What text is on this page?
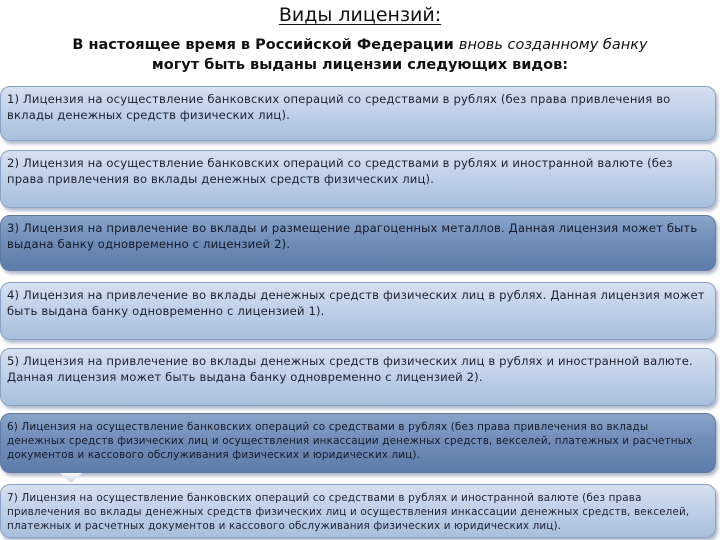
Виды лицензий:
В настоящее время в Российской Федерации вновь созданному банку
могут быть выданы лицензии следующих видов:
1) Лицензия на осуществление банковских операций со средствами в рублях (без права привлечения во вклады денежных средств физических лиц).
2) Лицензия на осуществление банковских операций со средствами в рублях и иностранной валюте (без права привлечения во вклады денежных средств физических лиц).
3) Лицензия на привлечение во вклады и размещение драгоценных металлов. Данная лицензия может быть выдана банку одновременно с лицензией 2).
4) Лицензия на привлечение во вклады денежных средств физических лиц в рублях. Данная лицензия может быть выдана банку одновременно с лицензией 1).
5) Лицензия на привлечение во вклады денежных средств физических лиц в рублях и иностранной валюте. Данная лицензия может быть выдана банку одновременно с лицензией 2).
6) Лицензия на осуществление банковских операций со средствами в рублях (без права привлечения во вклады денежных средств физических лиц и осуществления инкассации денежных средств, векселей, платежных и расчетных документов и кассового обслуживания физических и юридических лиц).
7) Лицензия на осуществление банковских операций со средствами в рублях и иностранной валюте (без права привлечения во вклады денежных средств физических лиц и осуществления инкассации денежных средств, векселей, платежных и расчетных документов и кассового обслуживания физических и юридических лиц).
